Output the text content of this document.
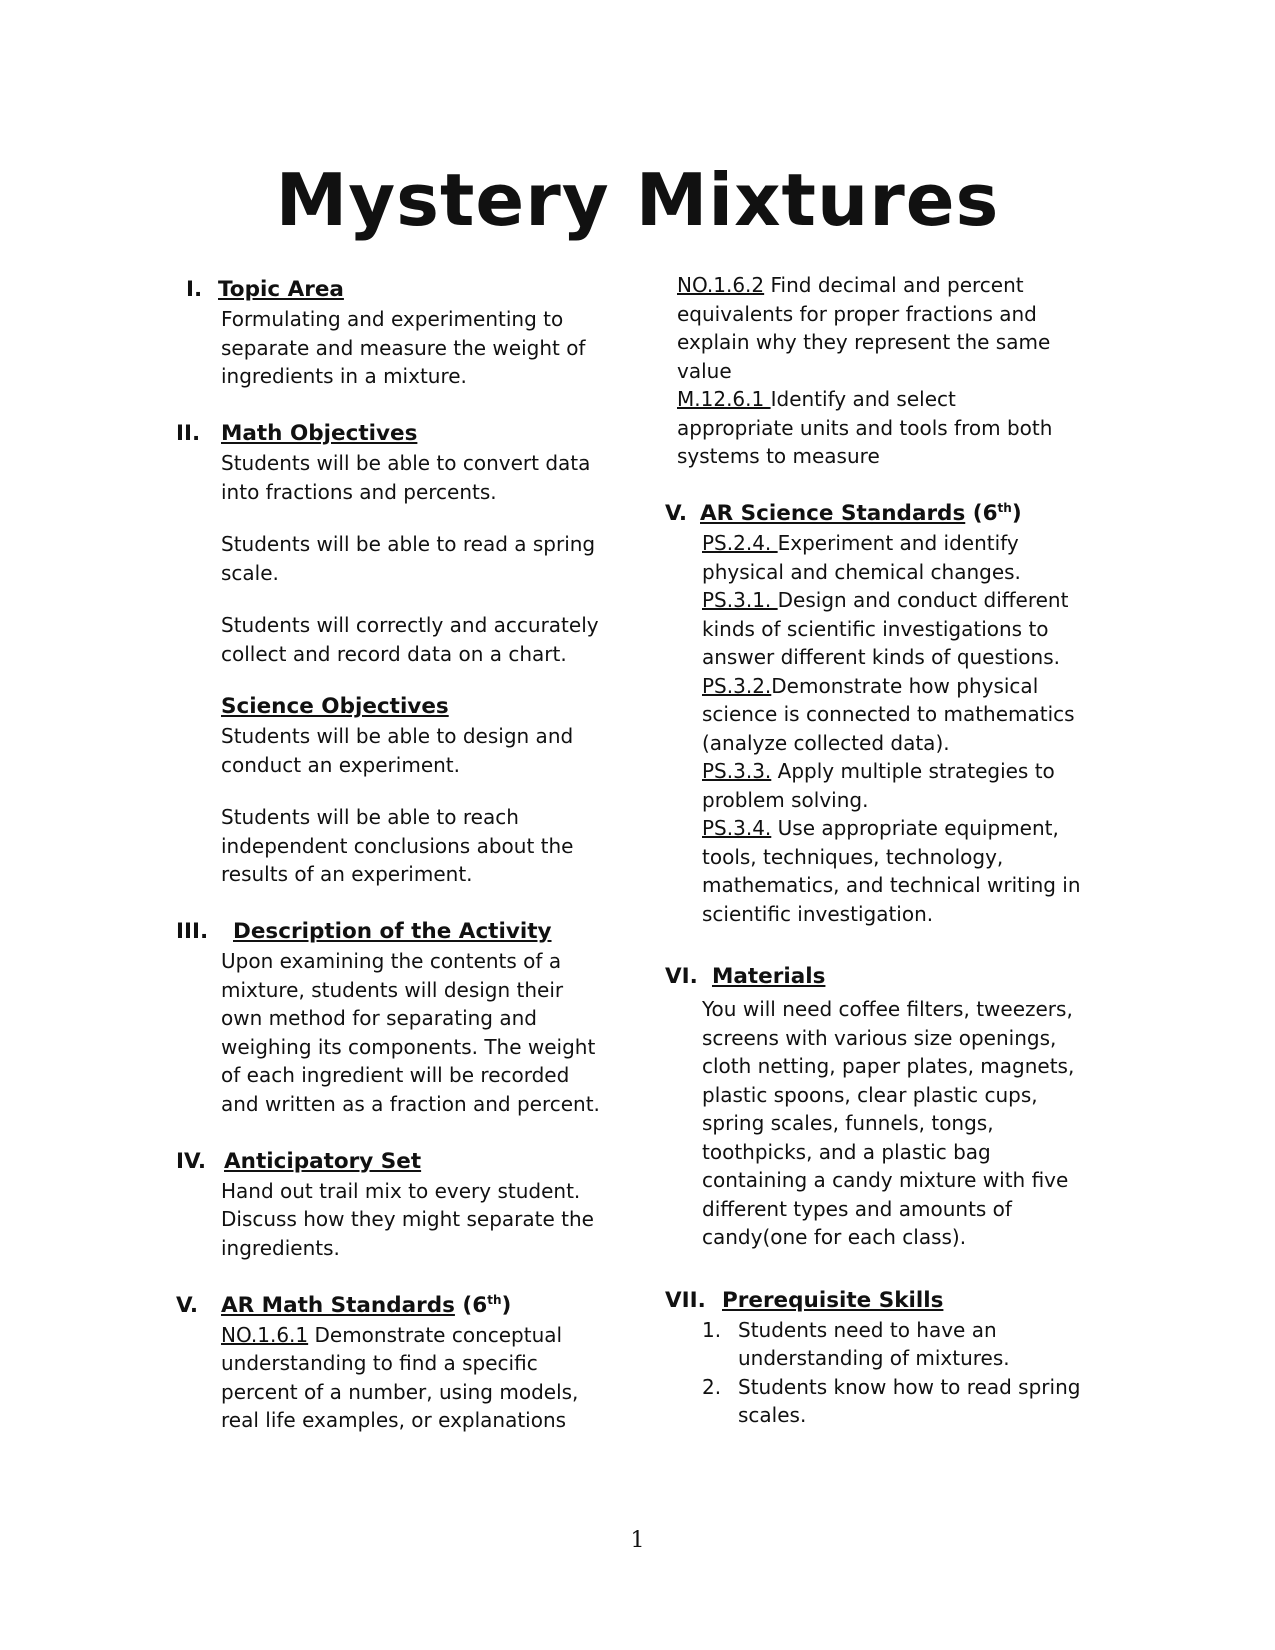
Mystery Mixtures
I. Topic Area
Formulating and experimenting to
separate and measure the weight of
ingredients in a mixture.
II. Math Objectives
Students will be able to convert data
into fractions and percents.
Students will be able to read a spring
scale.
Students will correctly and accurately
collect and record data on a chart.
Science Objectives
Students will be able to design and
conduct an experiment.
Students will be able to reach
independent conclusions about the
results of an experiment.
III. Description of the Activity
Upon examining the contents of a
mixture, students will design their
own method for separating and
weighing its components. The weight
of each ingredient will be recorded
and written as a fraction and percent.
IV. Anticipatory Set
Hand out trail mix to every student.
Discuss how they might separate the
ingredients.
V. AR Math Standards (6th)
NO.1.6.1 Demonstrate conceptual
understanding to find a specific
percent of a number, using models,
real life examples, or explanations
NO.1.6.2 Find decimal and percent
equivalents for proper fractions and
explain why they represent the same
value
M.12.6.1 Identify and select
appropriate units and tools from both
systems to measure
V. AR Science Standards (6th)
PS.2.4. Experiment and identify
physical and chemical changes.
PS.3.1. Design and conduct different
kinds of scientific investigations to
answer different kinds of questions.
PS.3.2.Demonstrate how physical
science is connected to mathematics
(analyze collected data).
PS.3.3. Apply multiple strategies to
problem solving.
PS.3.4. Use appropriate equipment,
tools, techniques, technology,
mathematics, and technical writing in
scientific investigation.
VI. Materials
You will need coffee filters, tweezers,
screens with various size openings,
cloth netting, paper plates, magnets,
plastic spoons, clear plastic cups,
spring scales, funnels, tongs,
toothpicks, and a plastic bag
containing a candy mixture with five
different types and amounts of
candy(one for each class).
VII. Prerequisite Skills
1. Students need to have an
understanding of mixtures.
2. Students know how to read spring
scales.
1
